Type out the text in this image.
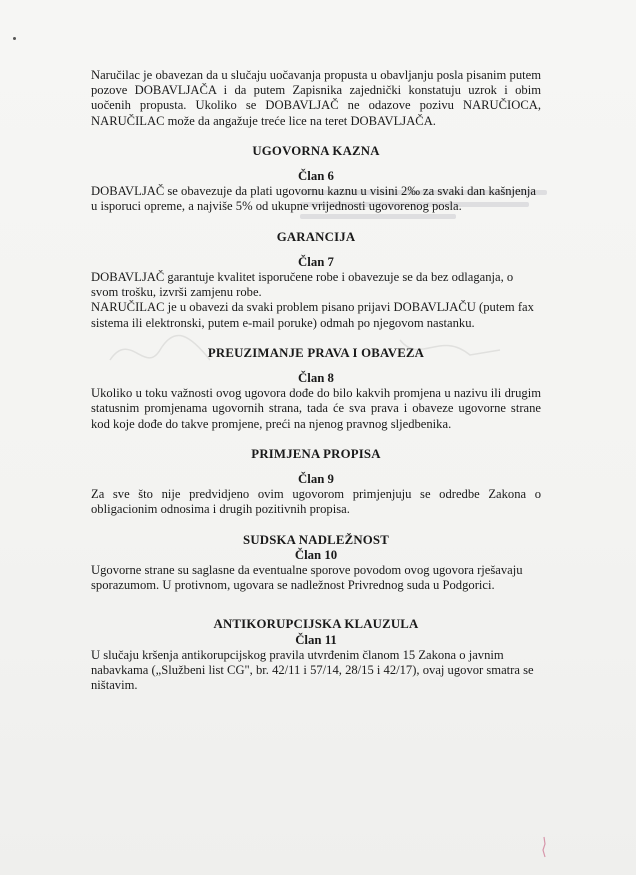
Naručilac je obavezan da u slučaju uočavanja propusta u obavljanju posla pisanim putem pozove DOBAVLJAČA i da putem Zapisnika zajednički konstatuju uzrok i obim uočenih propusta. Ukoliko se DOBAVLJAČ ne odazove pozivu NARUČIOCA, NARUČILAC može da angažuje treće lice na teret DOBAVLJAČA.

UGOVORNA KAZNA

Član 6

DOBAVLJAČ se obavezuje da plati ugovornu kaznu u visini 2‰ za svaki dan kašnjenja u isporuci opreme, a najviše 5% od ukupne vrijednosti ugovorenog posla.

GARANCIJA

Član 7

DOBAVLJAČ garantuje kvalitet isporučene robe i obavezuje se da bez odlaganja, o svom trošku, izvrši zamjenu robe.

NARUČILAC je u obavezi da svaki problem pisano prijavi DOBAVLJAČU (putem fax sistema ili elektronski, putem e-mail poruke) odmah po njegovom nastanku.

PREUZIMANJE PRAVA I OBAVEZA

Član 8

Ukoliko u toku važnosti ovog ugovora dođe do bilo kakvih promjena u nazivu ili drugim statusnim promjenama ugovornih strana, tada će sva prava i obaveze ugovorne strane kod koje dođe do takve promjene, preći na njenog pravnog sljedbenika.

PRIMJENA PROPISA

Član 9

Za sve što nije predvidjeno ovim ugovorom primjenjuju se odredbe Zakona o obligacionim odnosima i drugih pozitivnih propisa.

SUDSKA NADLEŽNOST

Član 10

Ugovorne strane su saglasne da eventualne sporove povodom ovog ugovora rješavaju sporazumom. U protivnom, ugovara se nadležnost Privrednog suda u Podgorici.

ANTIKORUPCIJSKA KLAUZULA

Član 11

U slučaju kršenja antikorupcijskog pravila utvrđenim članom 15 Zakona o javnim nabavkama („Službeni list CG", br. 42/11 i 57/14, 28/15 i 42/17), ovaj ugovor smatra se ništavim.
